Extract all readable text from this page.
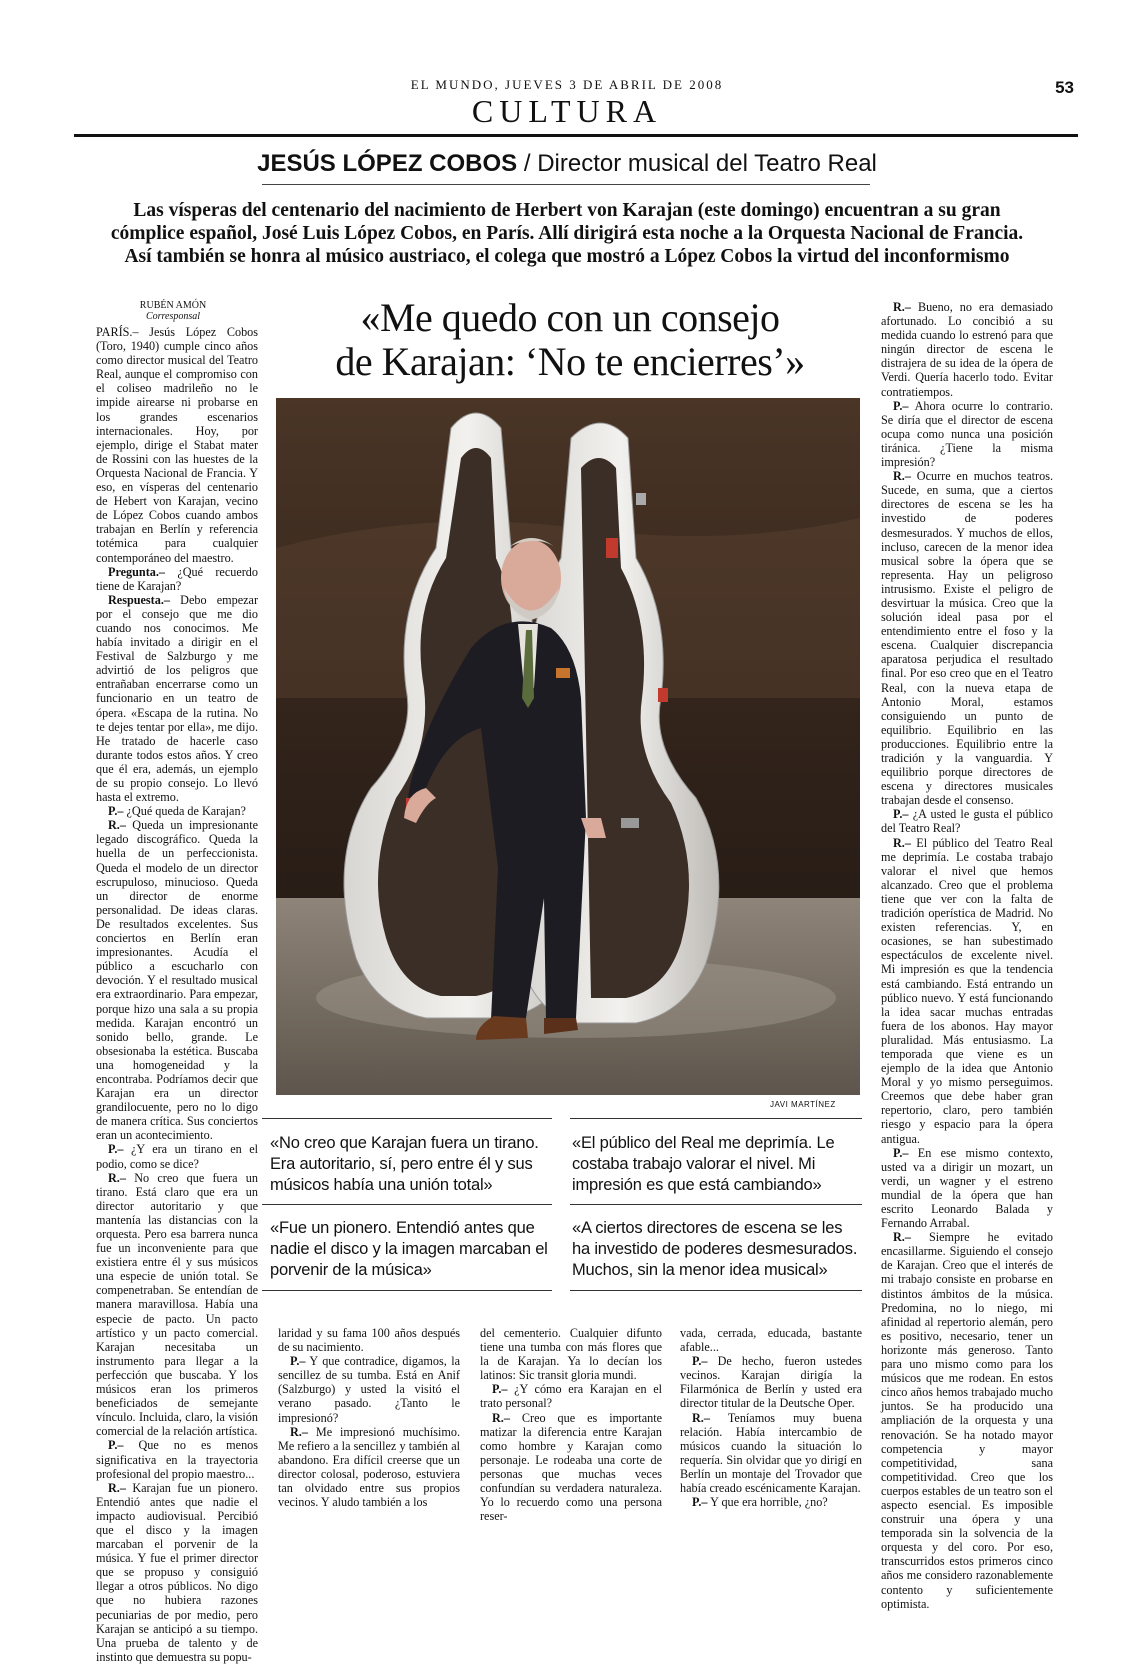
EL MUNDO, JUEVES 3 DE ABRIL DE 2008	53
CULTURA
JESÚS LÓPEZ COBOS / Director musical del Teatro Real
Las vísperas del centenario del nacimiento de Herbert von Karajan (este domingo) encuentran a su gran
cómplice español, José Luis López Cobos, en París. Allí dirigirá esta noche a la Orquesta Nacional de Francia.
Así también se honra al músico austriaco, el colega que mostró a López Cobos la virtud del inconformismo
RUBÉN AMÓN
Corresponsal	«Me quedo con un consejo
de Karajan: ‘No te encierres’»
JAVI MARTÍNEZ
«No creo que Karajan fuera un tirano. Era autoritario, sí, pero entre él y sus músicos había una unión total»
«El público del Real me deprimía. Le costaba trabajo valorar el nivel. Mi impresión es que está cambiando»
«Fue un pionero. Entendió antes que nadie el disco y la imagen marcaban el porvenir de la música»
«A ciertos directores de escena se les ha investido de poderes desmesurados. Muchos, sin la menor idea musical»

PARÍS.– Jesús López Cobos (Toro, 1940) cumple cinco años como director musical del Teatro Real, aunque el compromiso con el coliseo madrileño no le impide airearse ni probarse en los grandes escenarios internacionales. Hoy, por ejemplo, dirige el Stabat mater de Rossini con las huestes de la Orquesta Nacional de Francia. Y eso, en vísperas del centenario de Hebert von Karajan, vecino de López Cobos cuando ambos trabajan en Berlín y referencia totémica para cualquier contemporáneo del maestro.

Pregunta.– ¿Qué recuerdo tiene de Karajan?

Respuesta.– Debo empezar por el consejo que me dio cuando nos conocimos. Me había invitado a dirigir en el Festival de Salzburgo y me advirtió de los peligros que entrañaban encerrarse como un funcionario en un teatro de ópera. «Escapa de la rutina. No te dejes tentar por ella», me dijo. He tratado de hacerle caso durante todos estos años. Y creo que él era, además, un ejemplo de su propio consejo. Lo llevó hasta el extremo.

P.– ¿Qué queda de Karajan?

R.– Queda un impresionante legado discográfico. Queda la huella de un perfeccionista. Queda el modelo de un director escrupuloso, minucioso. Queda un director de enorme personalidad. De ideas claras. De resultados excelentes. Sus conciertos en Berlín eran impresionantes. Acudía el público a escucharlo con devoción. Y el resultado musical era extraordinario. Para empezar, porque hizo una sala a su propia medida. Karajan encontró un sonido bello, grande. Le obsesionaba la estética. Buscaba una homogeneidad y la encontraba. Podríamos decir que Karajan era un director grandilocuente, pero no lo digo de manera crítica. Sus conciertos eran un acontecimiento.

P.– ¿Y era un tirano en el podio, como se dice?

R.– No creo que fuera un tirano. Está claro que era un director autoritario y que mantenía las distancias con la orquesta. Pero esa barrera nunca fue un inconveniente para que existiera entre él y sus músicos una especie de unión total. Se compenetraban. Se entendían de manera maravillosa. Había una especie de pacto. Un pacto artístico y un pacto comercial. Karajan necesitaba un instrumento para llegar a la perfección que buscaba. Y los músicos eran los primeros beneficiados de semejante vínculo. Incluida, claro, la visión comercial de la relación artística.

P.– Que no es menos significativa en la trayectoria profesional del propio maestro...

R.– Karajan fue un pionero. Entendió antes que nadie el impacto audiovisual. Percibió que el disco y la imagen marcaban el porvenir de la música. Y fue el primer director que se propuso y consiguió llegar a otros públicos. No digo que no hubiera razones pecuniarias de por medio, pero Karajan se anticipó a su tiempo. Una prueba de talento y de instinto que demuestra su popu-

laridad y su fama 100 años después de su nacimiento.

P.– Y que contradice, digamos, la sencillez de su tumba. Está en Anif (Salzburgo) y usted la visitó el verano pasado. ¿Tanto le impresionó?

R.– Me impresionó muchísimo. Me refiero a la sencillez y también al abandono. Era difícil creerse que un director colosal, poderoso, estuviera tan olvidado entre sus propios vecinos. Y aludo también a los

del cementerio. Cualquier difunto tiene una tumba con más flores que la de Karajan. Ya lo decían los latinos: Sic transit gloria mundi.

P.– ¿Y cómo era Karajan en el trato personal?

R.– Creo que es importante matizar la diferencia entre Karajan como hombre y Karajan como personaje. Le rodeaba una corte de personas que muchas veces confundían su verdadera naturaleza. Yo lo recuerdo como una persona reser-

vada, cerrada, educada, bastante afable...

P.– De hecho, fueron ustedes vecinos. Karajan dirigía la Filarmónica de Berlín y usted era director titular de la Deutsche Oper.

R.– Teníamos muy buena relación. Había intercambio de músicos cuando la situación lo requería. Sin olvidar que yo dirigí en Berlín un montaje del Trovador que había creado escénicamente Karajan.

P.– Y que era horrible, ¿no?

R.– Bueno, no era demasiado afortunado. Lo concibió a su medida cuando lo estrenó para que ningún director de escena le distrajera de su idea de la ópera de Verdi. Quería hacerlo todo. Evitar contratiempos.

P.– Ahora ocurre lo contrario. Se diría que el director de escena ocupa como nunca una posición tiránica. ¿Tiene la misma impresión?

R.– Ocurre en muchos teatros. Sucede, en suma, que a ciertos directores de escena se les ha investido de poderes desmesurados. Y muchos de ellos, incluso, carecen de la menor idea musical sobre la ópera que se representa. Hay un peligroso intrusismo. Existe el peligro de desvirtuar la música. Creo que la solución ideal pasa por el entendimiento entre el foso y la escena. Cualquier discrepancia aparatosa perjudica el resultado final. Por eso creo que en el Teatro Real, con la nueva etapa de Antonio Moral, estamos consiguiendo un punto de equilibrio. Equilibrio en las producciones. Equilibrio entre la tradición y la vanguardia. Y equilibrio porque directores de escena y directores musicales trabajan desde el consenso.

P.– ¿A usted le gusta el público del Teatro Real?

R.– El público del Teatro Real me deprimía. Le costaba trabajo valorar el nivel que hemos alcanzado. Creo que el problema tiene que ver con la falta de tradición operística de Madrid. No existen referencias. Y, en ocasiones, se han subestimado espectáculos de excelente nivel. Mi impresión es que la tendencia está cambiando. Está entrando un público nuevo. Y está funcionando la idea sacar muchas entradas fuera de los abonos. Hay mayor pluralidad. Más entusiasmo. La temporada que viene es un ejemplo de la idea que Antonio Moral y yo mismo perseguimos. Creemos que debe haber gran repertorio, claro, pero también riesgo y espacio para la ópera antigua.

P.– En ese mismo contexto, usted va a dirigir un mozart, un verdi, un wagner y el estreno mundial de la ópera que han escrito Leonardo Balada y Fernando Arrabal.

R.– Siempre he evitado encasillarme. Siguiendo el consejo de Karajan. Creo que el interés de mi trabajo consiste en probarse en distintos ámbitos de la música. Predomina, no lo niego, mi afinidad al repertorio alemán, pero es positivo, necesario, tener un horizonte más generoso. Tanto para uno mismo como para los músicos que me rodean. En estos cinco años hemos trabajado mucho juntos. Se ha producido una ampliación de la orquesta y una renovación. Se ha notado mayor competencia y mayor competitividad, sana competitividad. Creo que los cuerpos estables de un teatro son el aspecto esencial. Es imposible construir una ópera y una temporada sin la solvencia de la orquesta y del coro. Por eso, transcurridos estos primeros cinco años me considero razonablemente contento y suficientemente optimista.
